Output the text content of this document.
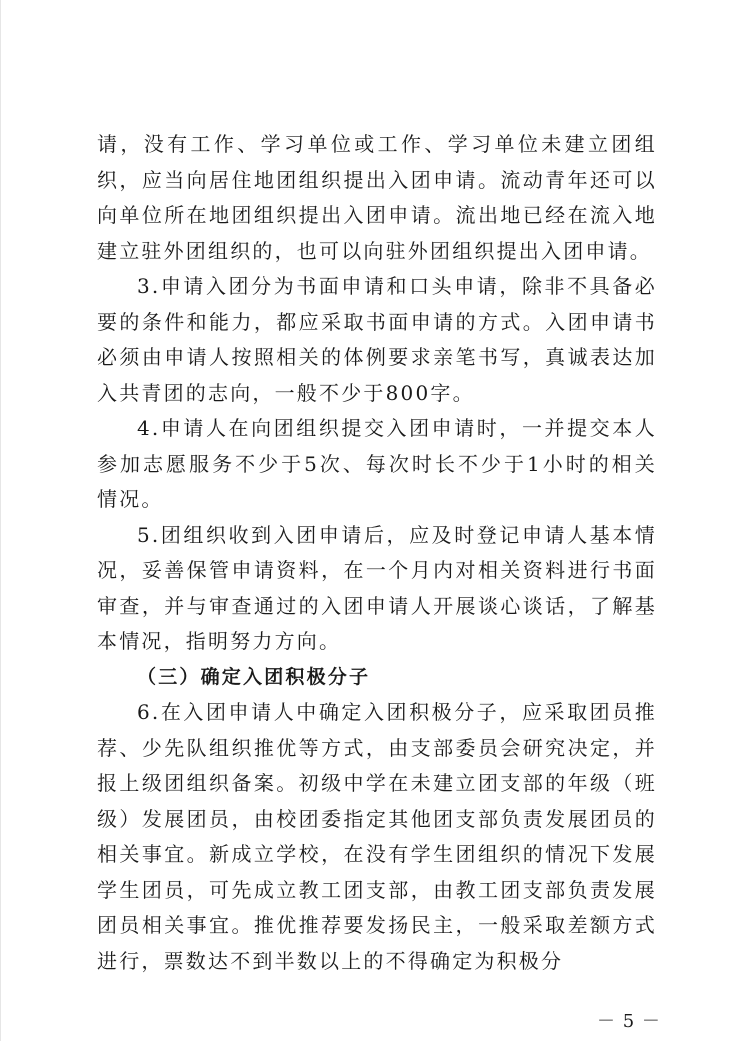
请，没有工作、学习单位或工作、学习单位未建立团组织，应当向居住地团组织提出入团申请。流动青年还可以向单位所在地团组织提出入团申请。流出地已经在流入地建立驻外团组织的，也可以向驻外团组织提出入团申请。

3.申请入团分为书面申请和口头申请，除非不具备必要的条件和能力，都应采取书面申请的方式。入团申请书必须由申请人按照相关的体例要求亲笔书写，真诚表达加入共青团的志向，一般不少于800字。

4.申请人在向团组织提交入团申请时，一并提交本人参加志愿服务不少于5次、每次时长不少于1小时的相关情况。

5.团组织收到入团申请后，应及时登记申请人基本情况，妥善保管申请资料，在一个月内对相关资料进行书面审查，并与审查通过的入团申请人开展谈心谈话，了解基本情况，指明努力方向。

（三）确定入团积极分子

6.在入团申请人中确定入团积极分子，应采取团员推荐、少先队组织推优等方式，由支部委员会研究决定，并报上级团组织备案。初级中学在未建立团支部的年级（班级）发展团员，由校团委指定其他团支部负责发展团员的相关事宜。新成立学校，在没有学生团组织的情况下发展学生团员，可先成立教工团支部，由教工团支部负责发展团员相关事宜。推优推荐要发扬民主，一般采取差额方式进行，票数达不到半数以上的不得确定为积极分

－ 5 －
